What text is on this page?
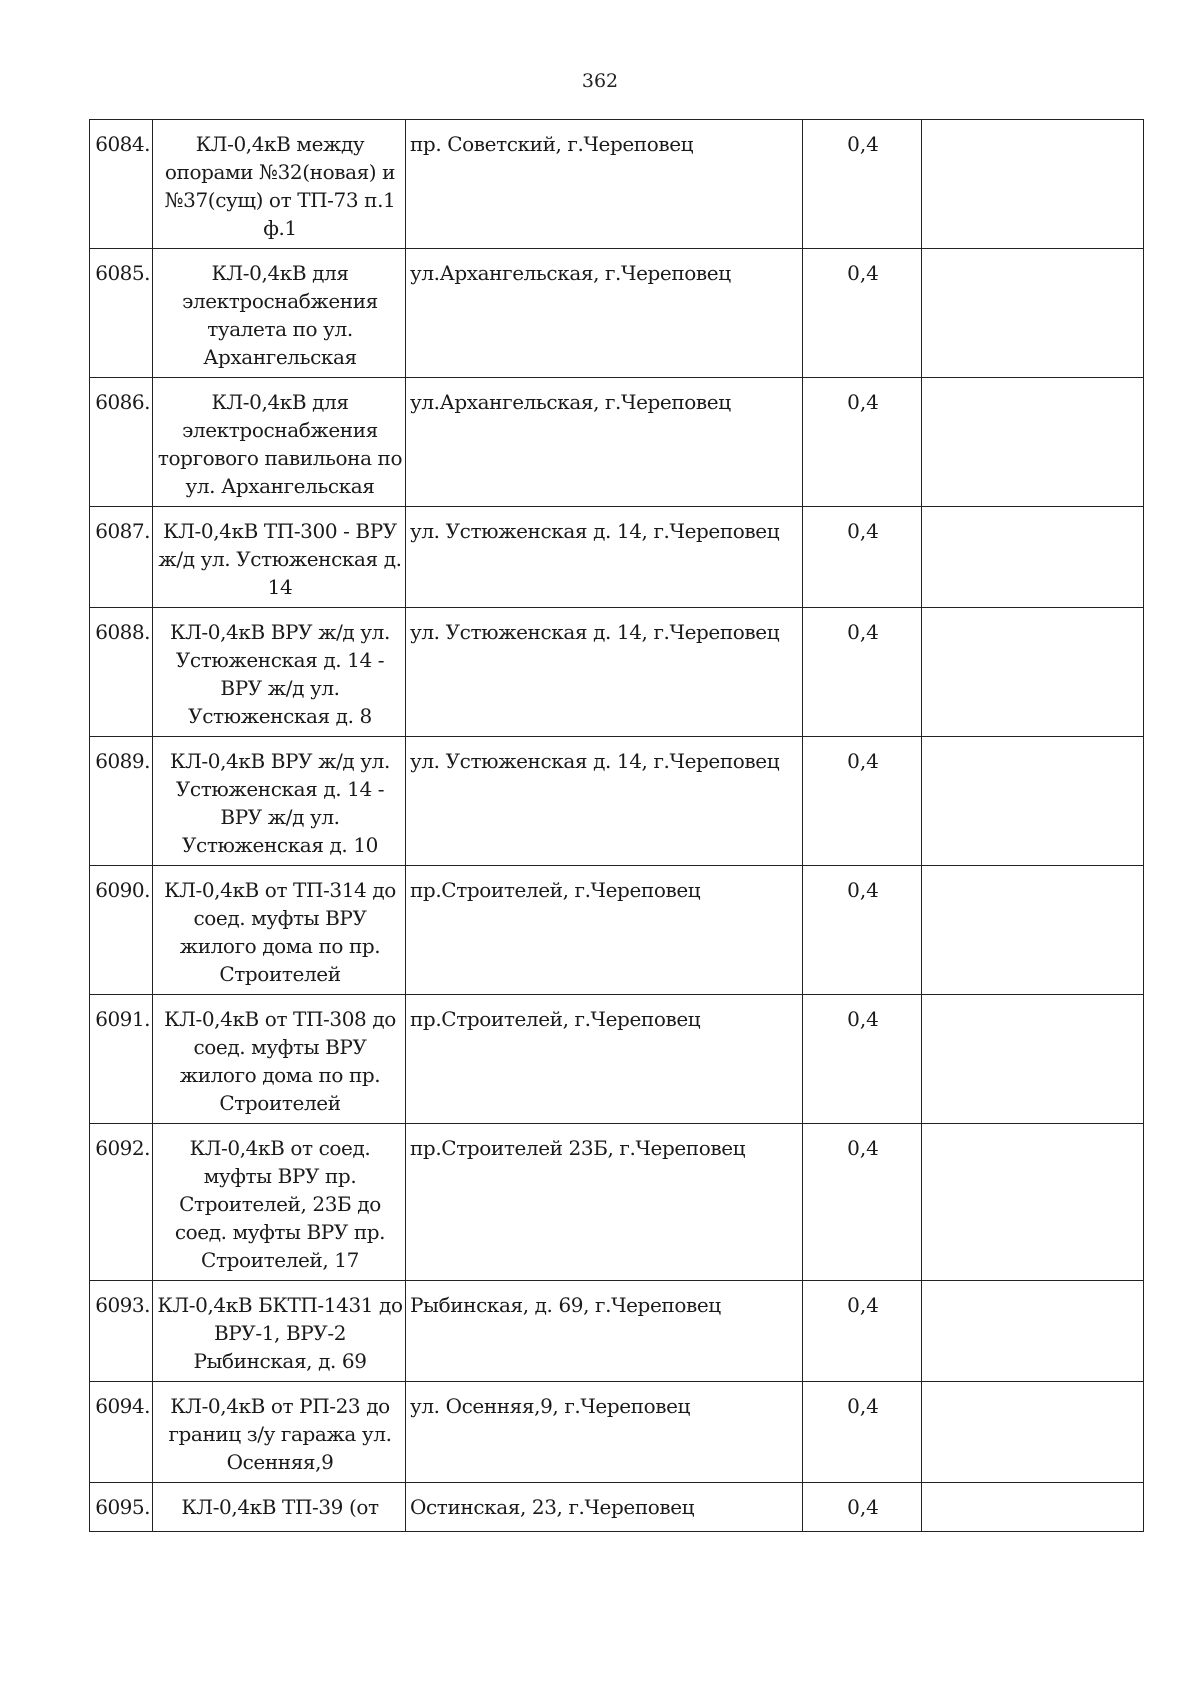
362
6084.	КЛ-0,4кВ между опорами №32(новая) и №37(сущ) от ТП-73 п.1 ф.1	пр. Советский, г.Череповец	0,4	
6085.	КЛ-0,4кВ для электроснабжения туалета по ул. Архангельская	ул.Архангельская, г.Череповец	0,4	
6086.	КЛ-0,4кВ для электроснабжения торгового павильона по ул. Архангельская	ул.Архангельская, г.Череповец	0,4	
6087.	КЛ-0,4кВ ТП-300 - ВРУ ж/д ул. Устюженская д. 14	ул. Устюженская д. 14, г.Череповец	0,4	
6088.	КЛ-0,4кВ ВРУ ж/д ул. Устюженская д. 14 - ВРУ ж/д ул. Устюженская д. 8	ул. Устюженская д. 14, г.Череповец	0,4	
6089.	КЛ-0,4кВ ВРУ ж/д ул. Устюженская д. 14 - ВРУ ж/д ул. Устюженская д. 10	ул. Устюженская д. 14, г.Череповец	0,4	
6090.	КЛ-0,4кВ от ТП-314 до соед. муфты ВРУ жилого дома по пр. Строителей	пр.Строителей, г.Череповец	0,4	
6091.	КЛ-0,4кВ от ТП-308 до соед. муфты ВРУ жилого дома по пр. Строителей	пр.Строителей, г.Череповец	0,4	
6092.	КЛ-0,4кВ от соед. муфты ВРУ пр. Строителей, 23Б до соед. муфты ВРУ пр. Строителей, 17	пр.Строителей 23Б, г.Череповец	0,4	
6093.	КЛ-0,4кВ БКТП-1431 до ВРУ-1, ВРУ-2 Рыбинская, д. 69	Рыбинская, д. 69, г.Череповец	0,4	
6094.	КЛ-0,4кВ от РП-23 до границ з/у гаража ул. Осенняя,9	ул. Осенняя,9, г.Череповец	0,4	
6095.	КЛ-0,4кВ ТП-39 (от	Остинская, 23, г.Череповец	0,4	
